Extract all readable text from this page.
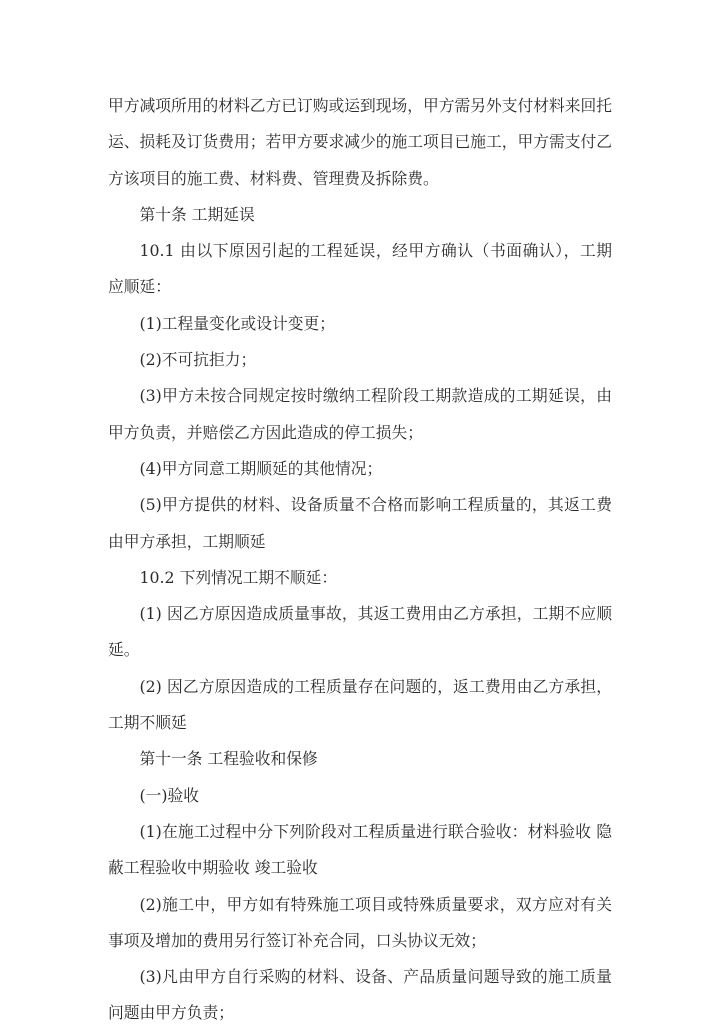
甲方减项所用的材料乙方已订购或运到现场，甲方需另外支付材料来回托运、损耗及订货费用；若甲方要求减少的施工项目已施工，甲方需支付乙方该项目的施工费、材料费、管理费及拆除费。

第十条 工期延误

10.1 由以下原因引起的工程延误，经甲方确认（书面确认），工期应顺延：

(1)工程量变化或设计变更；

(2)不可抗拒力；

(3)甲方未按合同规定按时缴纳工程阶段工期款造成的工期延误，由甲方负责，并赔偿乙方因此造成的停工损失；

(4)甲方同意工期顺延的其他情况；

(5)甲方提供的材料、设备质量不合格而影响工程质量的，其返工费由甲方承担，工期顺延

10.2 下列情况工期不顺延：

(1) 因乙方原因造成质量事故，其返工费用由乙方承担，工期不应顺延。

(2) 因乙方原因造成的工程质量存在问题的，返工费用由乙方承担，工期不顺延

第十一条 工程验收和保修

(一)验收

(1)在施工过程中分下列阶段对工程质量进行联合验收：材料验收 隐蔽工程验收中期验收 竣工验收

(2)施工中，甲方如有特殊施工项目或特殊质量要求，双方应对有关事项及增加的费用另行签订补充合同，口头协议无效；

(3)凡由甲方自行采购的材料、设备、产品质量问题导致的施工质量问题由甲方负责；
